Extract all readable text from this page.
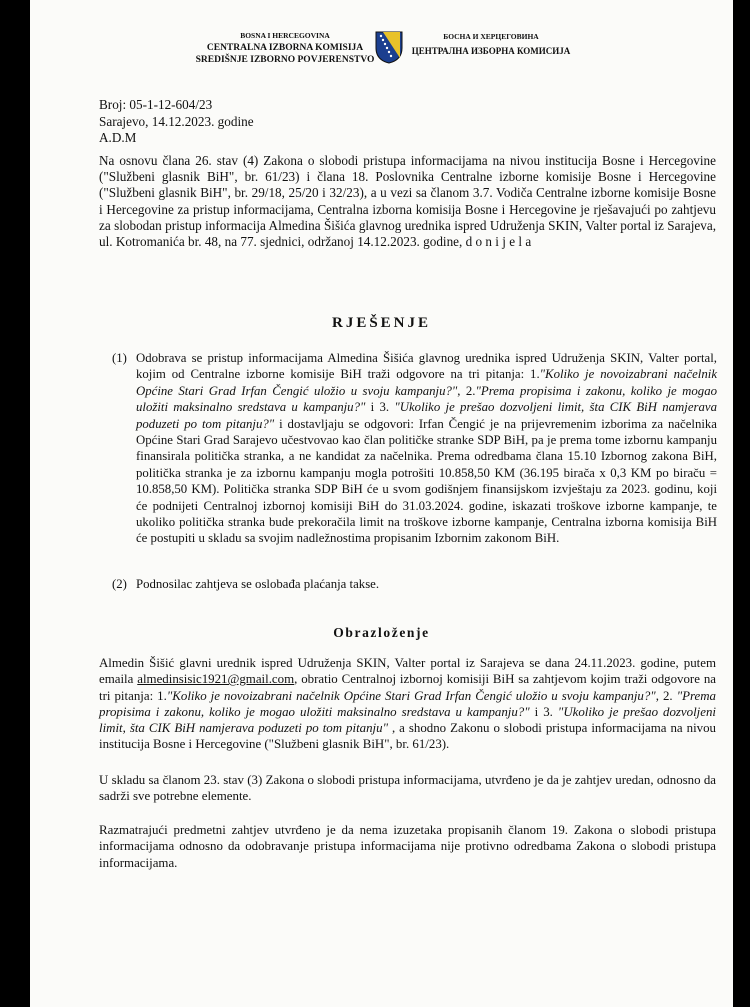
BOSNA I HERCEGOVINA
CENTRALNA IZBORNA KOMISIJA
SREDIŠNJE IZBORNO POVJERENSTVO
БОСНА И ХЕРЦЕГОВИНА
ЦЕНТРАЛНА ИЗБОРНА КОМИСИЈА
Broj: 05-1-12-604/23
Sarajevo, 14.12.2023. godine
A.D.M
Na osnovu člana 26. stav (4) Zakona o slobodi pristupa informacijama na nivou institucija Bosne i Hercegovine ("Službeni glasnik BiH", br. 61/23) i člana 18. Poslovnika Centralne izborne komisije Bosne i Hercegovine ("Službeni glasnik BiH", br. 29/18, 25/20 i 32/23), a u vezi sa članom 3.7. Vodiča Centralne izborne komisije Bosne i Hercegovine za pristup informacijama, Centralna izborna komisija Bosne i Hercegovine je rješavajući po zahtjevu za slobodan pristup informacija Almedina Šišića glavnog urednika ispred Udruženja SKIN, Valter portal iz Sarajeva, ul. Kotromanića br. 48, na 77. sjednici, održanoj 14.12.2023. godine, d o n i j e l a
RJEŠENJE
(1) Odobrava se pristup informacijama Almedina Šišića glavnog urednika ispred Udruženja SKIN, Valter portal, kojim od Centralne izborne komisije BiH traži odgovore na tri pitanja: 1."Koliko je novoizabrani načelnik Općine Stari Grad Irfan Čengić uložio u svoju kampanju?", 2."Prema propisima i zakonu, koliko je mogao uložiti maksinalno sredstava u kampanju?" i 3. "Ukoliko je prešao dozvoljeni limit, šta CIK BiH namjerava poduzeti po tom pitanju?" i dostavljaju se odgovori: Irfan Čengić je na prijevremenim izborima za načelnika Općine Stari Grad Sarajevo učestvovao kao član političke stranke SDP BiH, pa je prema tome izbornu kampanju finansirala politička stranka, a ne kandidat za načelnika. Prema odredbama člana 15.10 Izbornog zakona BiH, politička stranka je za izbornu kampanju mogla potrošiti 10.858,50 KM (36.195 birača x 0,3 KM po biraču = 10.858,50 KM). Politička stranka SDP BiH će u svom godišnjem finansijskom izvještaju za 2023. godinu, koji će podnijeti Centralnoj izbornoj komisiji BiH do 31.03.2024. godine, iskazati troškove izborne kampanje, te ukoliko politička stranka bude prekoračila limit na troškove izborne kampanje, Centralna izborna komisija BiH će postupiti u skladu sa svojim nadležnostima propisanim Izbornim zakonom BiH.
(2) Podnosilac zahtjeva se oslobađa plaćanja takse.
Obrazloženje
Almedin Šišić glavni urednik ispred Udruženja SKIN, Valter portal iz Sarajeva se dana 24.11.2023. godine, putem emaila almedinsisic1921@gmail.com, obratio Centralnoj izbornoj komisiji BiH sa zahtjevom kojim traži odgovore na tri pitanja: 1."Koliko je novoizabrani načelnik Općine Stari Grad Irfan Čengić uložio u svoju kampanju?", 2. "Prema propisima i zakonu, koliko je mogao uložiti maksinalno sredstava u kampanju?" i 3. "Ukoliko je prešao dozvoljeni limit, šta CIK BiH namjerava poduzeti po tom pitanju" , a shodno Zakonu o slobodi pristupa informacijama na nivou institucija Bosne i Hercegovine ("Službeni glasnik BiH", br. 61/23).
U skladu sa članom 23. stav (3) Zakona o slobodi pristupa informacijama, utvrđeno je da je zahtjev uredan, odnosno da sadrži sve potrebne elemente.
Razmatrajući predmetni zahtjev utvrđeno je da nema izuzetaka propisanih članom 19. Zakona o slobodi pristupa informacijama odnosno da odobravanje pristupa informacijama nije protivno odredbama Zakona o slobodi pristupa informacijama.
